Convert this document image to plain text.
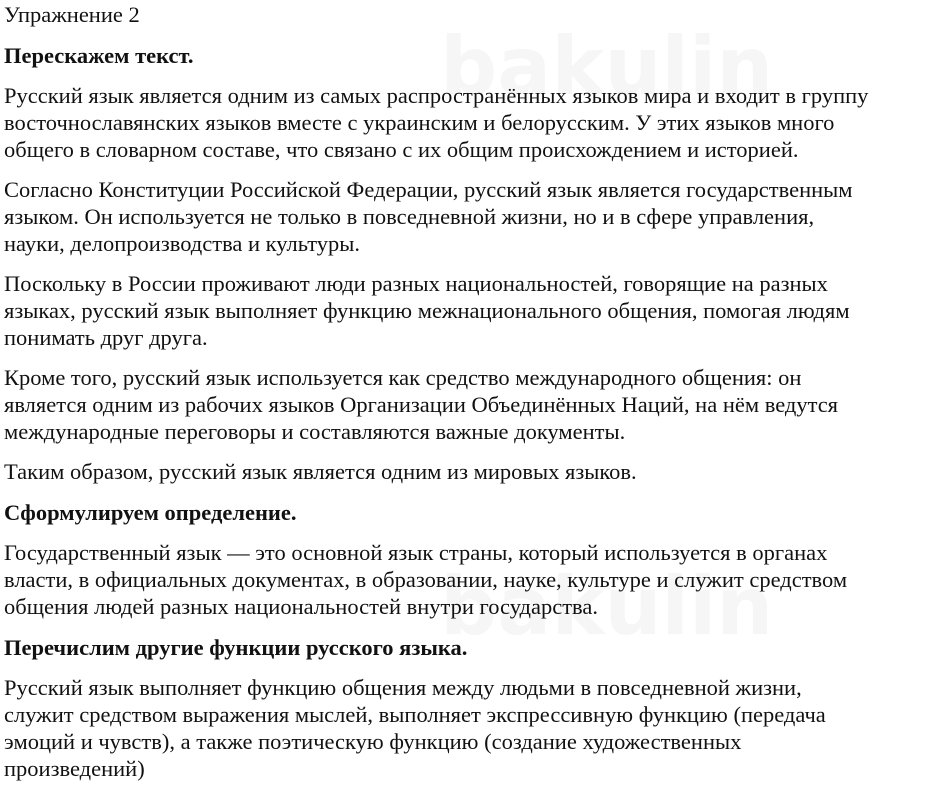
Упражнение 2
Перескажем текст.
Русский язык является одним из самых распространённых языков мира и входит в группу
восточнославянских языков вместе с украинским и белорусским. У этих языков много
общего в словарном составе, что связано с их общим происхождением и историей.
Согласно Конституции Российской Федерации, русский язык является государственным
языком. Он используется не только в повседневной жизни, но и в сфере управления,
науки, делопроизводства и культуры.
Поскольку в России проживают люди разных национальностей, говорящие на разных
языках, русский язык выполняет функцию межнационального общения, помогая людям
понимать друг друга.
Кроме того, русский язык используется как средство международного общения: он
является одним из рабочих языков Организации Объединённых Наций, на нём ведутся
международные переговоры и составляются важные документы.
Таким образом, русский язык является одним из мировых языков.
Сформулируем определение.
Государственный язык — это основной язык страны, который используется в органах
власти, в официальных документах, в образовании, науке, культуре и служит средством
общения людей разных национальностей внутри государства.
Перечислим другие функции русского языка.
Русский язык выполняет функцию общения между людьми в повседневной жизни,
служит средством выражения мыслей, выполняет экспрессивную функцию (передача
эмоций и чувств), а также поэтическую функцию (создание художественных
произведений)
